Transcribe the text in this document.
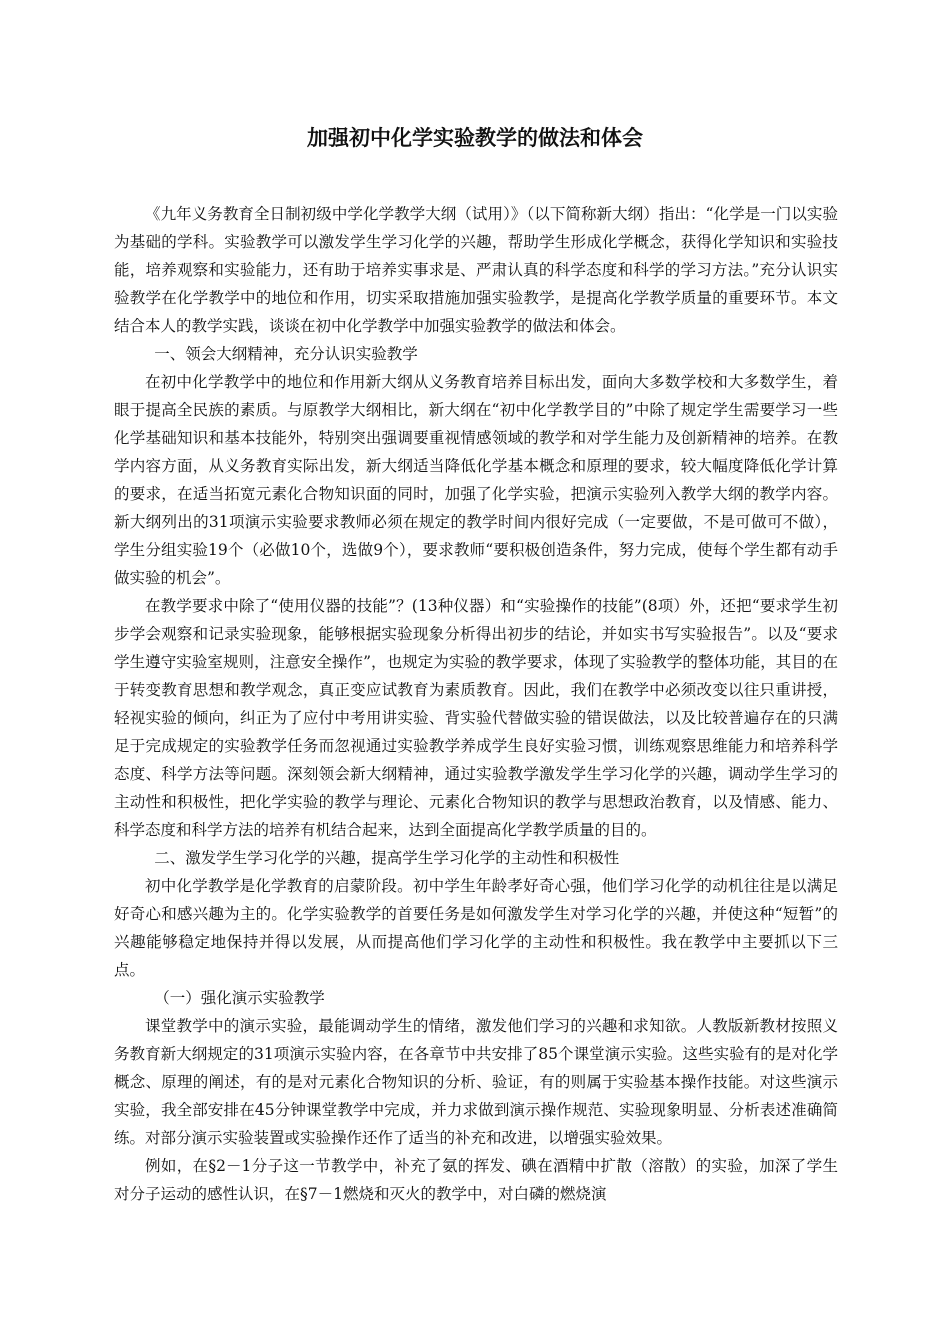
加强初中化学实验教学的做法和体会

《九年义务教育全日制初级中学化学教学大纲（试用）》（以下简称新大纲）指出：“化学是一门以实验为基础的学科。实验教学可以激发学生学习化学的兴趣，帮助学生形成化学概念，获得化学知识和实验技能，培养观察和实验能力，还有助于培养实事求是、严肃认真的科学态度和科学的学习方法。”充分认识实验教学在化学教学中的地位和作用，切实采取措施加强实验教学，是提高化学教学质量的重要环节。本文结合本人的教学实践，谈谈在初中化学教学中加强实验教学的做法和体会。

一、领会大纲精神，充分认识实验教学

在初中化学教学中的地位和作用新大纲从义务教育培养目标出发，面向大多数学校和大多数学生，着眼于提高全民族的素质。与原教学大纲相比，新大纲在“初中化学教学目的”中除了规定学生需要学习一些化学基础知识和基本技能外，特别突出强调要重视情感领域的教学和对学生能力及创新精神的培养。在教学内容方面，从义务教育实际出发，新大纲适当降低化学基本概念和原理的要求，较大幅度降低化学计算的要求，在适当拓宽元素化合物知识面的同时，加强了化学实验，把演示实验列入教学大纲的教学内容。新大纲列出的31项演示实验要求教师必须在规定的教学时间内很好完成（一定要做，不是可做可不做），学生分组实验19个（必做10个，选做9个），要求教师“要积极创造条件，努力完成，使每个学生都有动手做实验的机会”。

在教学要求中除了“使用仪器的技能”？(13种仪器）和“实验操作的技能”(8项）外，还把“要求学生初步学会观察和记录实验现象，能够根据实验现象分析得出初步的结论，并如实书写实验报告”。以及“要求学生遵守实验室规则，注意安全操作”，也规定为实验的教学要求，体现了实验教学的整体功能，其目的在于转变教育思想和教学观念，真正变应试教育为素质教育。因此，我们在教学中必须改变以往只重讲授，轻视实验的倾向，纠正为了应付中考用讲实验、背实验代替做实验的错误做法，以及比较普遍存在的只满足于完成规定的实验教学任务而忽视通过实验教学养成学生良好实验习惯，训练观察思维能力和培养科学态度、科学方法等问题。深刻领会新大纲精神，通过实验教学激发学生学习化学的兴趣，调动学生学习的主动性和积极性，把化学实验的教学与理论、元素化合物知识的教学与思想政治教育，以及情感、能力、科学态度和科学方法的培养有机结合起来，达到全面提高化学教学质量的目的。

二、激发学生学习化学的兴趣，提高学生学习化学的主动性和积极性

初中化学教学是化学教育的启蒙阶段。初中学生年龄孝好奇心强，他们学习化学的动机往往是以满足好奇心和感兴趣为主的。化学实验教学的首要任务是如何激发学生对学习化学的兴趣，并使这种“短暂”的兴趣能够稳定地保持并得以发展，从而提高他们学习化学的主动性和积极性。我在教学中主要抓以下三点。

（一）强化演示实验教学

课堂教学中的演示实验，最能调动学生的情绪，激发他们学习的兴趣和求知欲。人教版新教材按照义务教育新大纲规定的31项演示实验内容，在各章节中共安排了85个课堂演示实验。这些实验有的是对化学概念、原理的阐述，有的是对元素化合物知识的分析、验证，有的则属于实验基本操作技能。对这些演示实验，我全部安排在45分钟课堂教学中完成，并力求做到演示操作规范、实验现象明显、分析表述准确简练。对部分演示实验装置或实验操作还作了适当的补充和改进，以增强实验效果。

例如，在§2－1分子这一节教学中，补充了氨的挥发、碘在酒精中扩散（溶散）的实验，加深了学生对分子运动的感性认识，在§7－1燃烧和灭火的教学中，对白磷的燃烧演
